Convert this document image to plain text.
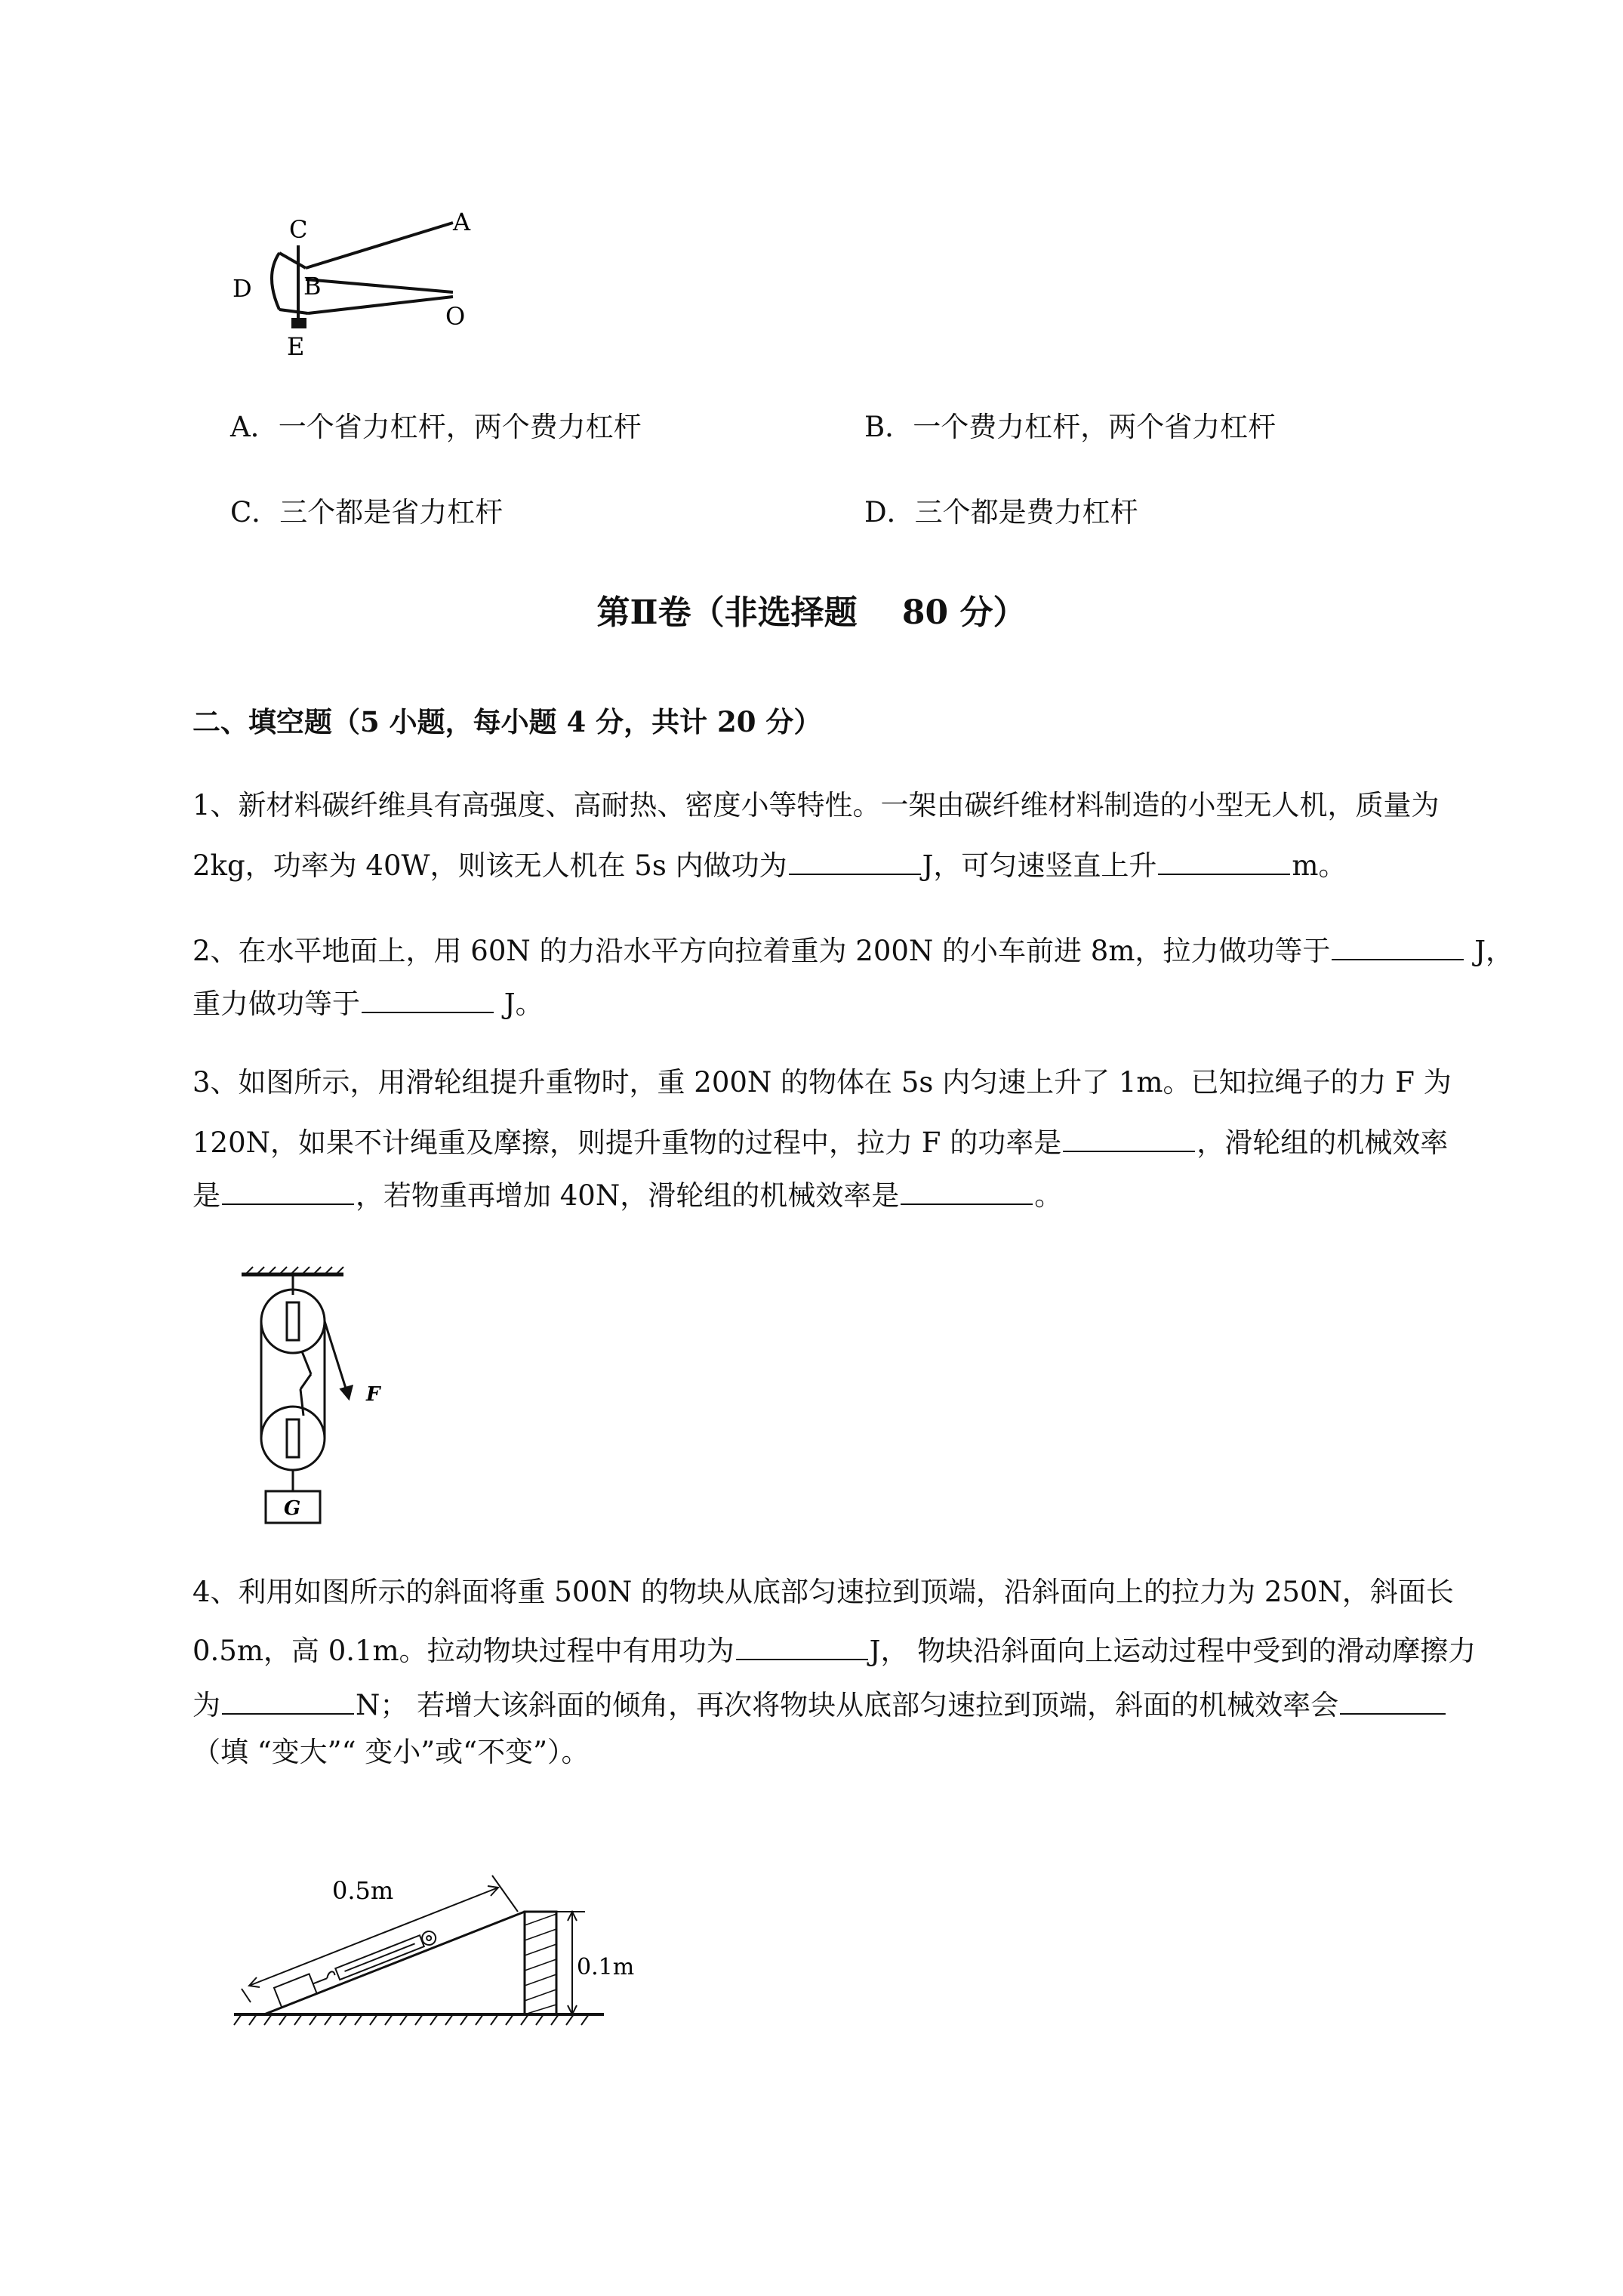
C	A
D B
O
E
A．一个省力杠杆，两个费力杠杆	B．一个费力杠杆，两个省力杠杆
C．三个都是省力杠杆	D．三个都是费力杠杆
第Ⅱ卷（非选择题　 80 分）
二、填空题（5 小题，每小题 4 分，共计 20 分）
1、新材料碳纤维具有高强度、高耐热、密度小等特性。一架由碳纤维材料制造的小型无人机，质量为
2kg，功率为 40W，则该无人机在 5s 内做功为	J，可匀速竖直上升	m。
2、在水平地面上，用 60N 的力沿水平方向拉着重为 200N 的小车前进 8m，拉力做功等于	J，
重力做功等于	J。
3、如图所示，用滑轮组提升重物时，重 200N 的物体在 5s 内匀速上升了 1m。已知拉绳子的力 F 为
120N，如果不计绳重及摩擦，则提升重物的过程中，拉力 F 的功率是	，滑轮组的机械效率
是	，若物重再增加 40N，滑轮组的机械效率是	。
F
G
4、利用如图所示的斜面将重 500N 的物块从底部匀速拉到顶端，沿斜面向上的拉力为 250N，斜面长
0.5m，高 0.1m。拉动物块过程中有用功为	J， 物块沿斜面向上运动过程中受到的滑动摩擦力
为	N； 若增大该斜面的倾角，再次将物块从底部匀速拉到顶端，斜面的机械效率会
（填 “变大”“ 变小”或“不变”）。
0.5m
0.1m
